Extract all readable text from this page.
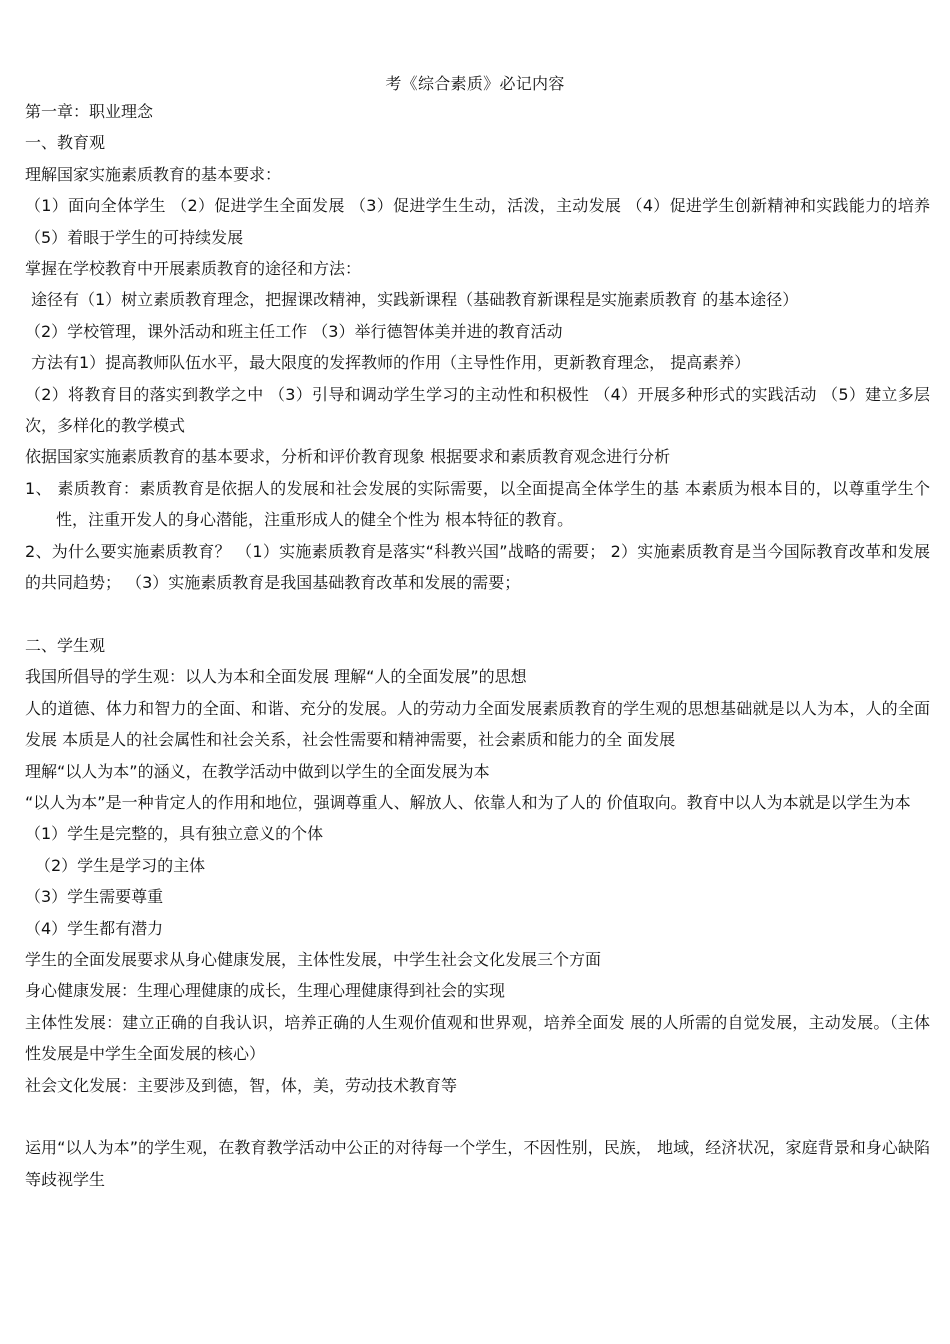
考《综合素质》必记内容

第一章：职业理念

一、教育观

理解国家实施素质教育的基本要求：

（1）面向全体学生 （2）促进学生全面发展 （3）促进学生生动，活泼，主动发展 （4）促进学生创新精神和实践能力的培养 （5）着眼于学生的可持续发展

掌握在学校教育中开展素质教育的途径和方法：

途径有（1）树立素质教育理念，把握课改精神，实践新课程（基础教育新课程是实施素质教育 的基本途径）

（2）学校管理，课外活动和班主任工作 （3）举行德智体美并进的教育活动

方法有1）提高教师队伍水平，最大限度的发挥教师的作用（主导性作用，更新教育理念， 提高素养）

（2）将教育目的落实到教学之中 （3）引导和调动学生学习的主动性和积极性 （4）开展多种形式的实践活动 （5）建立多层次，多样化的教学模式

依据国家实施素质教育的基本要求，分析和评价教育现象 根据要求和素质教育观念进行分析

1、 素质教育：素质教育是依据人的发展和社会发展的实际需要，以全面提高全体学生的基 本素质为根本目的，以尊重学生个性，注重开发人的身心潜能，注重形成人的健全个性为 根本特征的教育。

2、为什么要实施素质教育？ （1）实施素质教育是落实“科教兴国”战略的需要； 2）实施素质教育是当今国际教育改革和发展的共同趋势； （3）实施素质教育是我国基础教育改革和发展的需要；

二、学生观

我国所倡导的学生观：以人为本和全面发展 理解“人的全面发展”的思想

人的道德、体力和智力的全面、和谐、充分的发展。人的劳动力全面发展素质教育的学生观的思想基础就是以人为本，人的全面发展 本质是人的社会属性和社会关系，社会性需要和精神需要，社会素质和能力的全 面发展

理解“以人为本”的涵义，在教学活动中做到以学生的全面发展为本

“以人为本”是一种肯定人的作用和地位，强调尊重人、解放人、依靠人和为了人的 价值取向。教育中以人为本就是以学生为本

（1）学生是完整的，具有独立意义的个体

（2）学生是学习的主体

（3）学生需要尊重

（4）学生都有潜力

学生的全面发展要求从身心健康发展，主体性发展，中学生社会文化发展三个方面

身心健康发展：生理心理健康的成长，生理心理健康得到社会的实现

主体性发展：建立正确的自我认识，培养正确的人生观价值观和世界观，培养全面发 展的人所需的自觉发展，主动发展。（主体性发展是中学生全面发展的核心）

社会文化发展：主要涉及到德，智，体，美，劳动技术教育等

运用“以人为本”的学生观，在教育教学活动中公正的对待每一个学生，不因性别，民族， 地域，经济状况，家庭背景和身心缺陷等歧视学生
